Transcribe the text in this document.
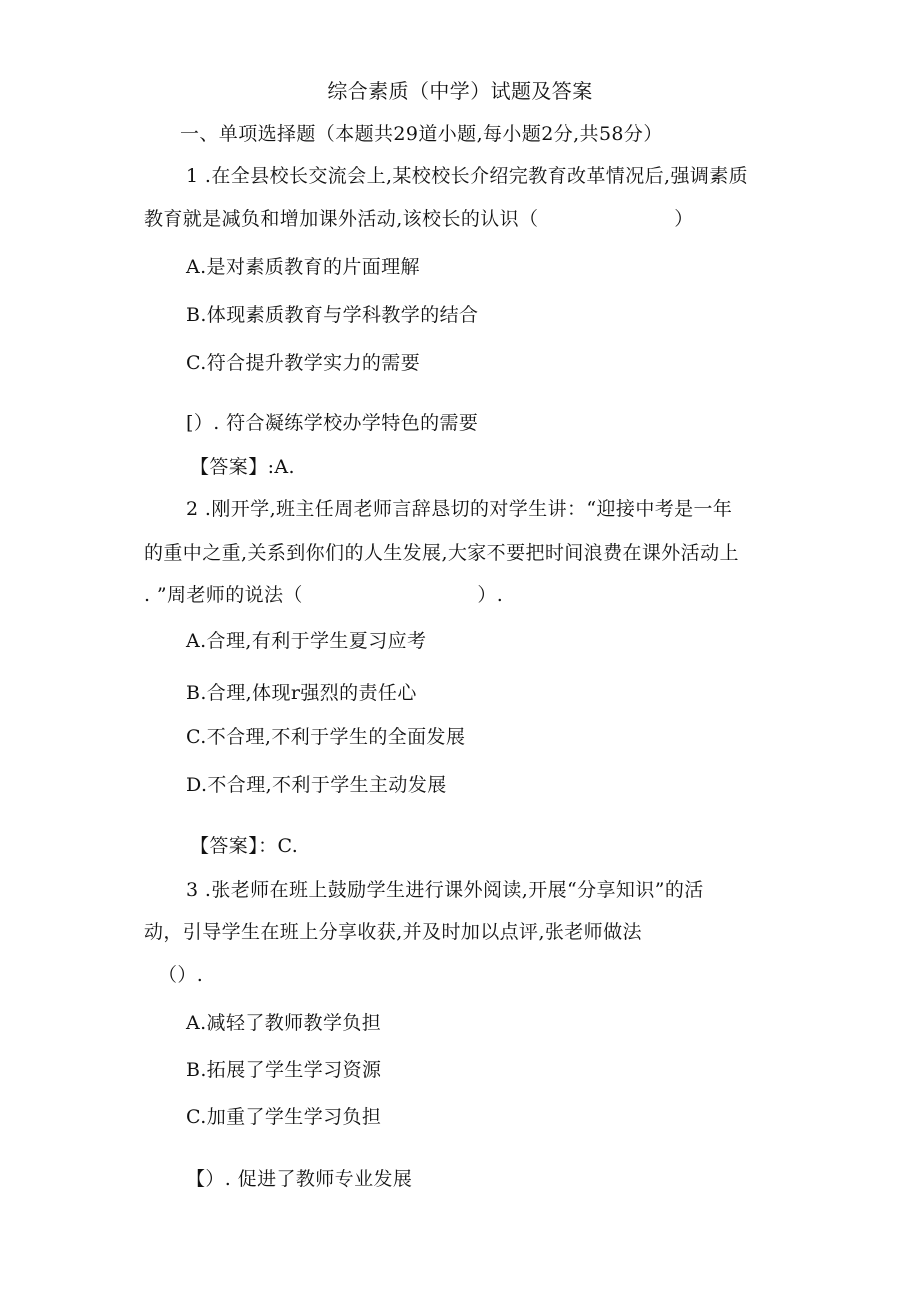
综合素质（中学）试题及答案
一、单项选择题（本题共29道小题,每小题2分,共58分）
1 .在全县校长交流会上,某校校长介绍完教育改革情况后,强调素质
教育就是减负和增加课外活动,该校长的认识（　　　　　　　）
A.是对素质教育的片面理解
B.体现素质教育与学科教学的结合
C.符合提升教学实力的需要
[）. 符合凝练学校办学特色的需要
【答案】:A.
2 .刚开学,班主任周老师言辞恳切的对学生讲：“迎接中考是一年
的重中之重,关系到你们的人生发展,大家不要把时间浪费在课外活动上
. ”周老师的说法（　　　　　　　　　）.
A.合理,有利于学生夏习应考
B.合理,体现r强烈的责任心
C.不合理,不利于学生的全面发展
D.不合理,不利于学生主动发展
【答案】：C.
3 .张老师在班上鼓励学生进行课外阅读,开展“分享知识”的活
动，引导学生在班上分享收获,并及时加以点评,张老师做法
（）.
A.减轻了教师教学负担
B.拓展了学生学习资源
C.加重了学生学习负担
【）. 促进了教师专业发展
